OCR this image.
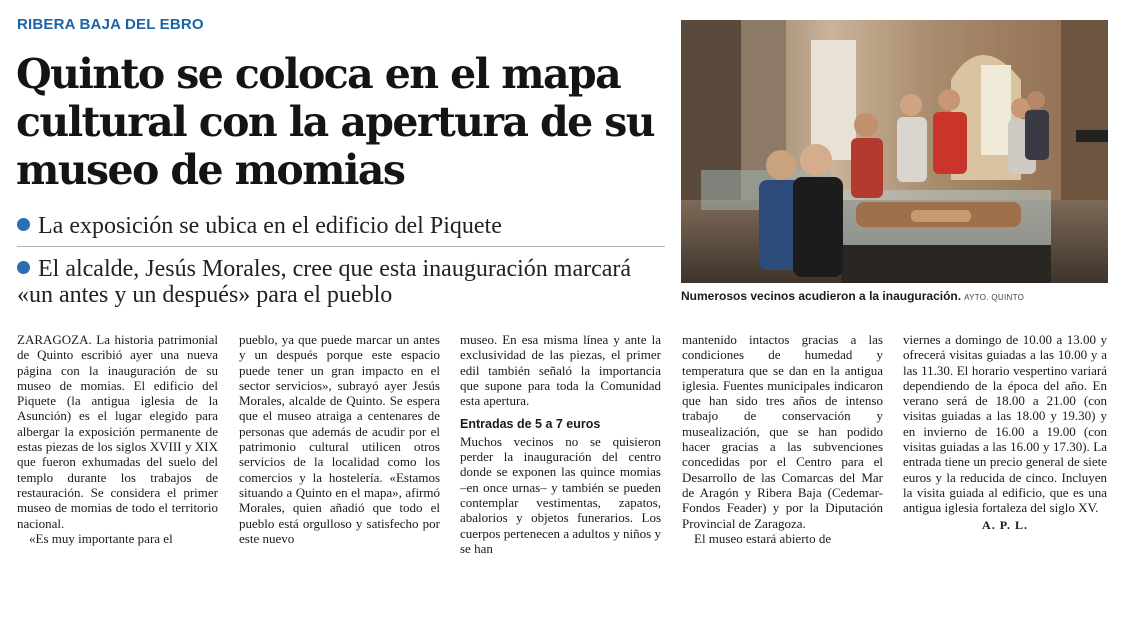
RIBERA BAJA DEL EBRO
Quinto se coloca en el mapa cultural con la apertura de su museo de momias
La exposición se ubica en el edificio del Piquete
El alcalde, Jesús Morales, cree que esta inauguración marcará «un antes y un después» para el pueblo	Numerosos vecinos acudieron a la inauguración. AYTO. QUINTO

ZARAGOZA. La historia patrimonial de Quinto escribió ayer una nueva página con la inauguración de su museo de momias. El edificio del Piquete (la antigua iglesia de la Asunción) es el lugar elegido para albergar la exposición permanente de estas piezas de los siglos XVIII y XIX que fueron exhumadas del suelo del templo durante los trabajos de restauración. Se considera el primer museo de momias de todo el territorio nacional.

«Es muy importante para el

pueblo, ya que puede marcar un antes y un después porque este espacio puede tener un gran impacto en el sector servicios», subrayó ayer Jesús Morales, alcalde de Quinto. Se espera que el museo atraiga a centenares de personas que además de acudir por el patrimonio cultural utilicen otros servicios de la localidad como los comercios y la hostelería. «Estamos situando a Quinto en el mapa», afirmó Morales, quien añadió que todo el pueblo está orgulloso y satisfecho por este nuevo

museo. En esa misma línea y ante la exclusividad de las piezas, el primer edil también señaló la importancia que supone para toda la Comunidad esta apertura.

Entradas de 5 a 7 euros

Muchos vecinos no se quisieron perder la inauguración del centro donde se exponen las quince momias –en once urnas– y también se pueden contemplar vestimentas, zapatos, abalorios y objetos funerarios. Los cuerpos pertenecen a adultos y niños y se han

mantenido intactos gracias a las condiciones de humedad y temperatura que se dan en la antigua iglesia. Fuentes municipales indicaron que han sido tres años de intenso trabajo de conservación y musealización, que se han podido hacer gracias a las subvenciones concedidas por el Centro para el Desarrollo de las Comarcas del Mar de Aragón y Ribera Baja (Cedemar-Fondos Feader) y por la Diputación Provincial de Zaragoza.

El museo estará abierto de

viernes a domingo de 10.00 a 13.00 y ofrecerá visitas guiadas a las 10.00 y a las 11.30. El horario vespertino variará dependiendo de la época del año. En verano será de 18.00 a 21.00 (con visitas guiadas a las 18.00 y 19.30) y en invierno de 16.00 a 19.00 (con visitas guiadas a las 16.00 y 17.30). La entrada tiene un precio general de siete euros y la reducida de cinco. Incluyen la visita guiada al edificio, que es una antigua iglesia fortaleza del siglo XV.

A. P. L.
